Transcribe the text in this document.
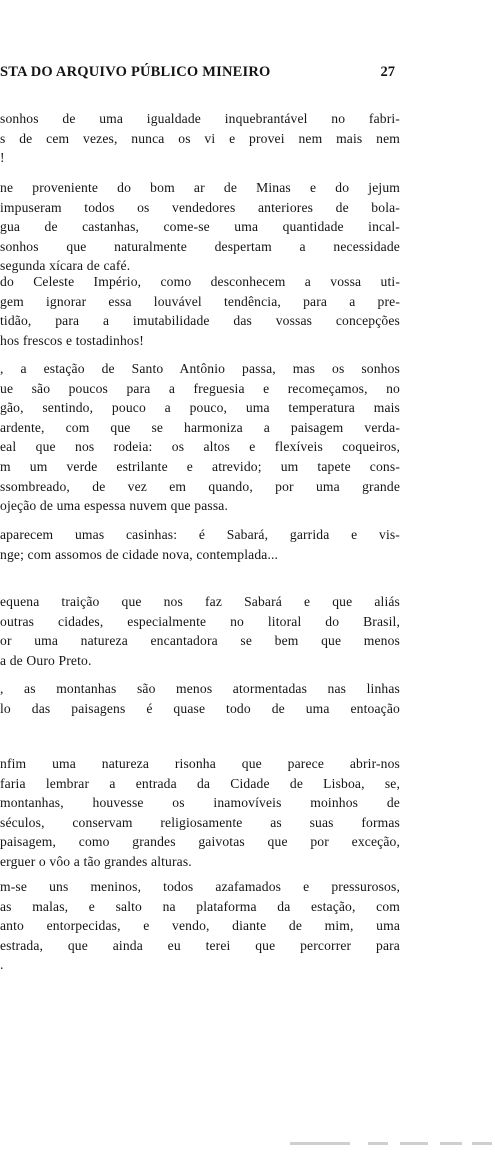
STA DO ARQUIVO PÚBLICO MINEIRO	27
sonhos de uma igualdade inquebrantável no fabri-
s de cem vezes, nunca os vi e provei nem mais nem
!
ne proveniente do bom ar de Minas e do jejum
impuseram todos os vendedores anteriores de bola-
gua de castanhas, come-se uma quantidade incal-
sonhos que naturalmente despertam a necessidade
segunda xícara de café.
do Celeste Império, como desconhecem a vossa uti-
gem ignorar essa louvável tendência, para a pre-
tidão, para a imutabilidade das vossas concepções
hos frescos e tostadinhos!
, a estação de Santo Antônio passa, mas os sonhos
ue são poucos para a freguesia e recomeçamos, no
gão, sentindo, pouco a pouco, uma temperatura mais
ardente, com que se harmoniza a paisagem verda-
eal que nos rodeia: os altos e flexíveis coqueiros,
m um verde estrilante e atrevido; um tapete cons-
ssombreado, de vez em quando, por uma grande
ojeção de uma espessa nuvem que passa.
aparecem umas casinhas: é Sabará, garrida e vis-
nge; com assomos de cidade nova, contemplada...
equena traição que nos faz Sabará e que aliás
outras cidades, especialmente no litoral do Brasil,
or uma natureza encantadora se bem que menos
a de Ouro Preto.
, as montanhas são menos atormentadas nas linhas
lo das paisagens é quase todo de uma entoação
nfim uma natureza risonha que parece abrir-nos
faria lembrar a entrada da Cidade de Lisboa, se,
montanhas, houvesse os inamovíveis moinhos de
séculos, conservam religiosamente as suas formas
paisagem, como grandes gaivotas que por exceção,
erguer o vôo a tão grandes alturas.
m-se uns meninos, todos azafamados e pressurosos,
as malas, e salto na plataforma da estação, com
anto entorpecidas, e vendo, diante de mim, uma
estrada, que ainda eu terei que percorrer para
.
